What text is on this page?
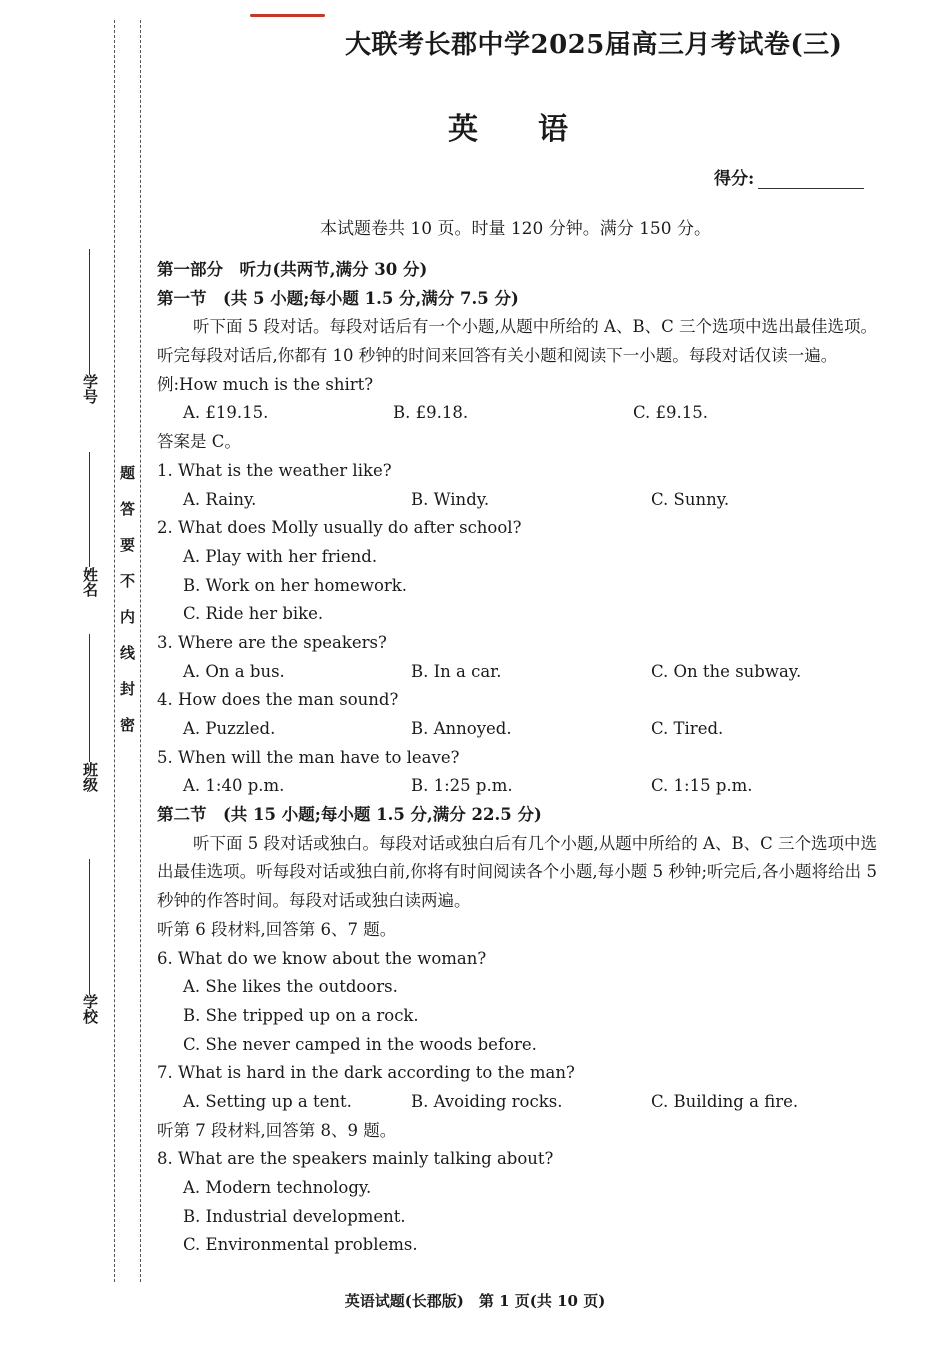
学号
姓名
班级
学校
题
答
要
不
内
线
封
密
大联考长郡中学2025届高三月考试卷(三)
英语
得分:
本试题卷共 10 页。时量 120 分钟。满分 150 分。
第一部分　听力(共两节,满分 30 分)
第一节　(共 5 小题;每小题 1.5 分,满分 7.5 分)
听下面 5 段对话。每段对话后有一个小题,从题中所给的 A、B、C 三个选项中选出最佳选项。听完每段对话后,你都有 10 秒钟的时间来回答有关小题和阅读下一小题。每段对话仅读一遍。
例:How much is the shirt?
A. £19.15.	B. £9.18.	C. £9.15.
答案是 C。
1. What is the weather like?
A. Rainy.	B. Windy.	C. Sunny.
2. What does Molly usually do after school?
A. Play with her friend.
B. Work on her homework.
C. Ride her bike.
3. Where are the speakers?
A. On a bus.	B. In a car.	C. On the subway.
4. How does the man sound?
A. Puzzled.	B. Annoyed.	C. Tired.
5. When will the man have to leave?
A. 1:40 p.m.	B. 1:25 p.m.	C. 1:15 p.m.
第二节　(共 15 小题;每小题 1.5 分,满分 22.5 分)
听下面 5 段对话或独白。每段对话或独白后有几个小题,从题中所给的 A、B、C 三个选项中选出最佳选项。听每段对话或独白前,你将有时间阅读各个小题,每小题 5 秒钟;听完后,各小题将给出 5 秒钟的作答时间。每段对话或独白读两遍。
听第 6 段材料,回答第 6、7 题。
6. What do we know about the woman?
A. She likes the outdoors.
B. She tripped up on a rock.
C. She never camped in the woods before.
7. What is hard in the dark according to the man?
A. Setting up a tent.	B. Avoiding rocks.	C. Building a fire.
听第 7 段材料,回答第 8、9 题。
8. What are the speakers mainly talking about?
A. Modern technology.
B. Industrial development.
C. Environmental problems.
英语试题(长郡版)　第 1 页(共 10 页)
